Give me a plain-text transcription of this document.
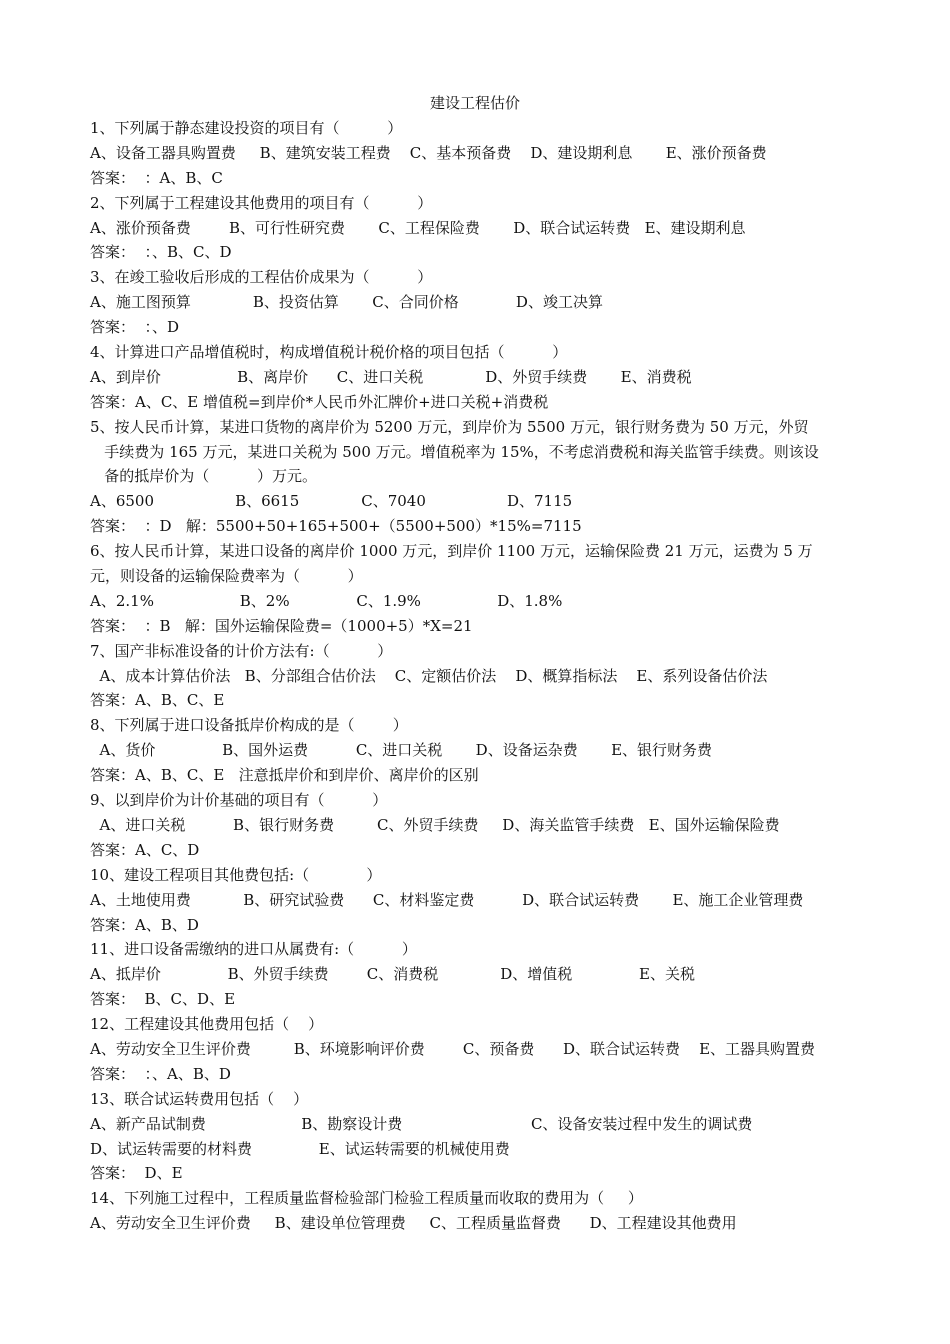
建设工程估价
1、下列属于静态建设投资的项目有（          ）
A、设备工器具购置费     B、建筑安装工程费    C、基本预备费    D、建设期利息       E、涨价预备费
答案：  ：A、B、C
2、下列属于工程建设其他费用的项目有（          ）
A、涨价预备费        B、可行性研究费       C、工程保险费       D、联合试运转费   E、建设期利息
答案：  ：、B、C、D
3、在竣工验收后形成的工程估价成果为（          ）
A、施工图预算             B、投资估算       C、合同价格            D、竣工决算
答案：  ：、D
4、计算进口产品增值税时，构成增值税计税价格的项目包括（          ）
A、到岸价                B、离岸价      C、进口关税             D、外贸手续费       E、消费税
答案：A、C、E 增值税=到岸价*人民币外汇牌价+进口关税+消费税
5、按人民币计算，某进口货物的离岸价为 5200 万元，到岸价为 5500 万元，银行财务费为 50 万元，外贸
手续费为 165 万元，某进口关税为 500 万元。增值税率为 15%，不考虑消费税和海关监管手续费。则该设
备的抵岸价为（          ）万元。
A、6500                 B、6615             C、7040                 D、7115
答案：  ：D   解：5500+50+165+500+（5500+500）*15%=7115
6、按人民币计算，某进口设备的离岸价 1000 万元，到岸价 1100 万元，运输保险费 21 万元，运费为 5 万
元，则设备的运输保险费率为（          ）
A、2.1%                  B、2%              C、1.9%                D、1.8%
答案：  ：B   解：国外运输保险费=（1000+5）*X=21
7、国产非标准设备的计价方法有:（          ）
A、成本计算估价法   B、分部组合估价法    C、定额估价法    D、概算指标法    E、系列设备估价法
答案：A、B、C、E
8、下列属于进口设备抵岸价构成的是（        ）
A、货价              B、国外运费          C、进口关税       D、设备运杂费       E、银行财务费
答案：A、B、C、E   注意抵岸价和到岸价、离岸价的区别
9、以到岸价为计价基础的项目有（          ）
A、进口关税          B、银行财务费         C、外贸手续费     D、海关监管手续费   E、国外运输保险费
答案：A、C、D
10、建设工程项目其他费包括:（            ）
A、土地使用费           B、研究试验费      C、材料鉴定费          D、联合试运转费       E、施工企业管理费
答案：A、B、D
11、进口设备需缴纳的进口从属费有:（          ）
A、抵岸价              B、外贸手续费        C、消费税             D、增值税              E、关税
答案：  B、C、D、E
12、工程建设其他费用包括（    ）
A、劳动安全卫生评价费         B、环境影响评价费        C、预备费      D、联合试运转费    E、工器具购置费
答案：  ：、A、B、D
13、联合试运转费用包括（    ）
A、新产品试制费                    B、勘察设计费                           C、设备安装过程中发生的调试费
D、试运转需要的材料费              E、试运转需要的机械使用费
答案：  D、E
14、下列施工过程中，工程质量监督检验部门检验工程质量而收取的费用为（     ）
A、劳动安全卫生评价费     B、建设单位管理费     C、工程质量监督费      D、工程建设其他费用
